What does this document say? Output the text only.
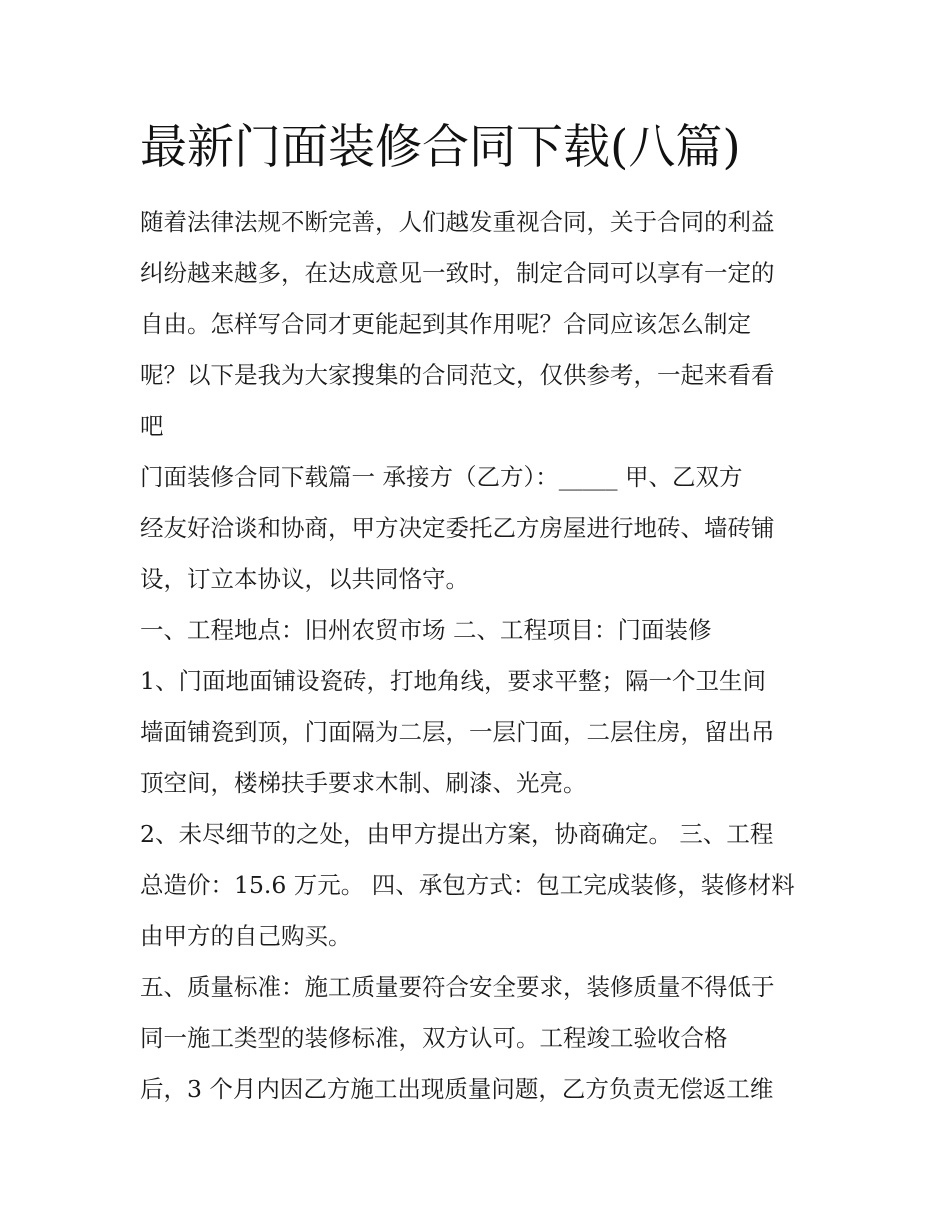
最新门面装修合同下载(八篇)

随着法律法规不断完善，人们越发重视合同，关于合同的利益

纠纷越来越多，在达成意见一致时，制定合同可以享有一定的

自由。怎样写合同才更能起到其作用呢？合同应该怎么制定

呢？以下是我为大家搜集的合同范文，仅供参考，一起来看看

吧

门面装修合同下载篇一 承接方（乙方）：_____ 甲、乙双方

经友好洽谈和协商，甲方决定委托乙方房屋进行地砖、墙砖铺

设，订立本协议，以共同恪守。

一、工程地点：旧州农贸市场 二、工程项目：门面装修

1、门面地面铺设瓷砖，打地角线，要求平整；隔一个卫生间

墙面铺瓷到顶，门面隔为二层，一层门面，二层住房，留出吊

顶空间，楼梯扶手要求木制、刷漆、光亮。

2、未尽细节的之处，由甲方提出方案，协商确定。 三、工程

总造价：15.6 万元。 四、承包方式：包工完成装修，装修材料

由甲方的自己购买。

五、质量标准：施工质量要符合安全要求，装修质量不得低于

同一施工类型的装修标准，双方认可。工程竣工验收合格

后，3 个月内因乙方施工出现质量问题，乙方负责无偿返工维
